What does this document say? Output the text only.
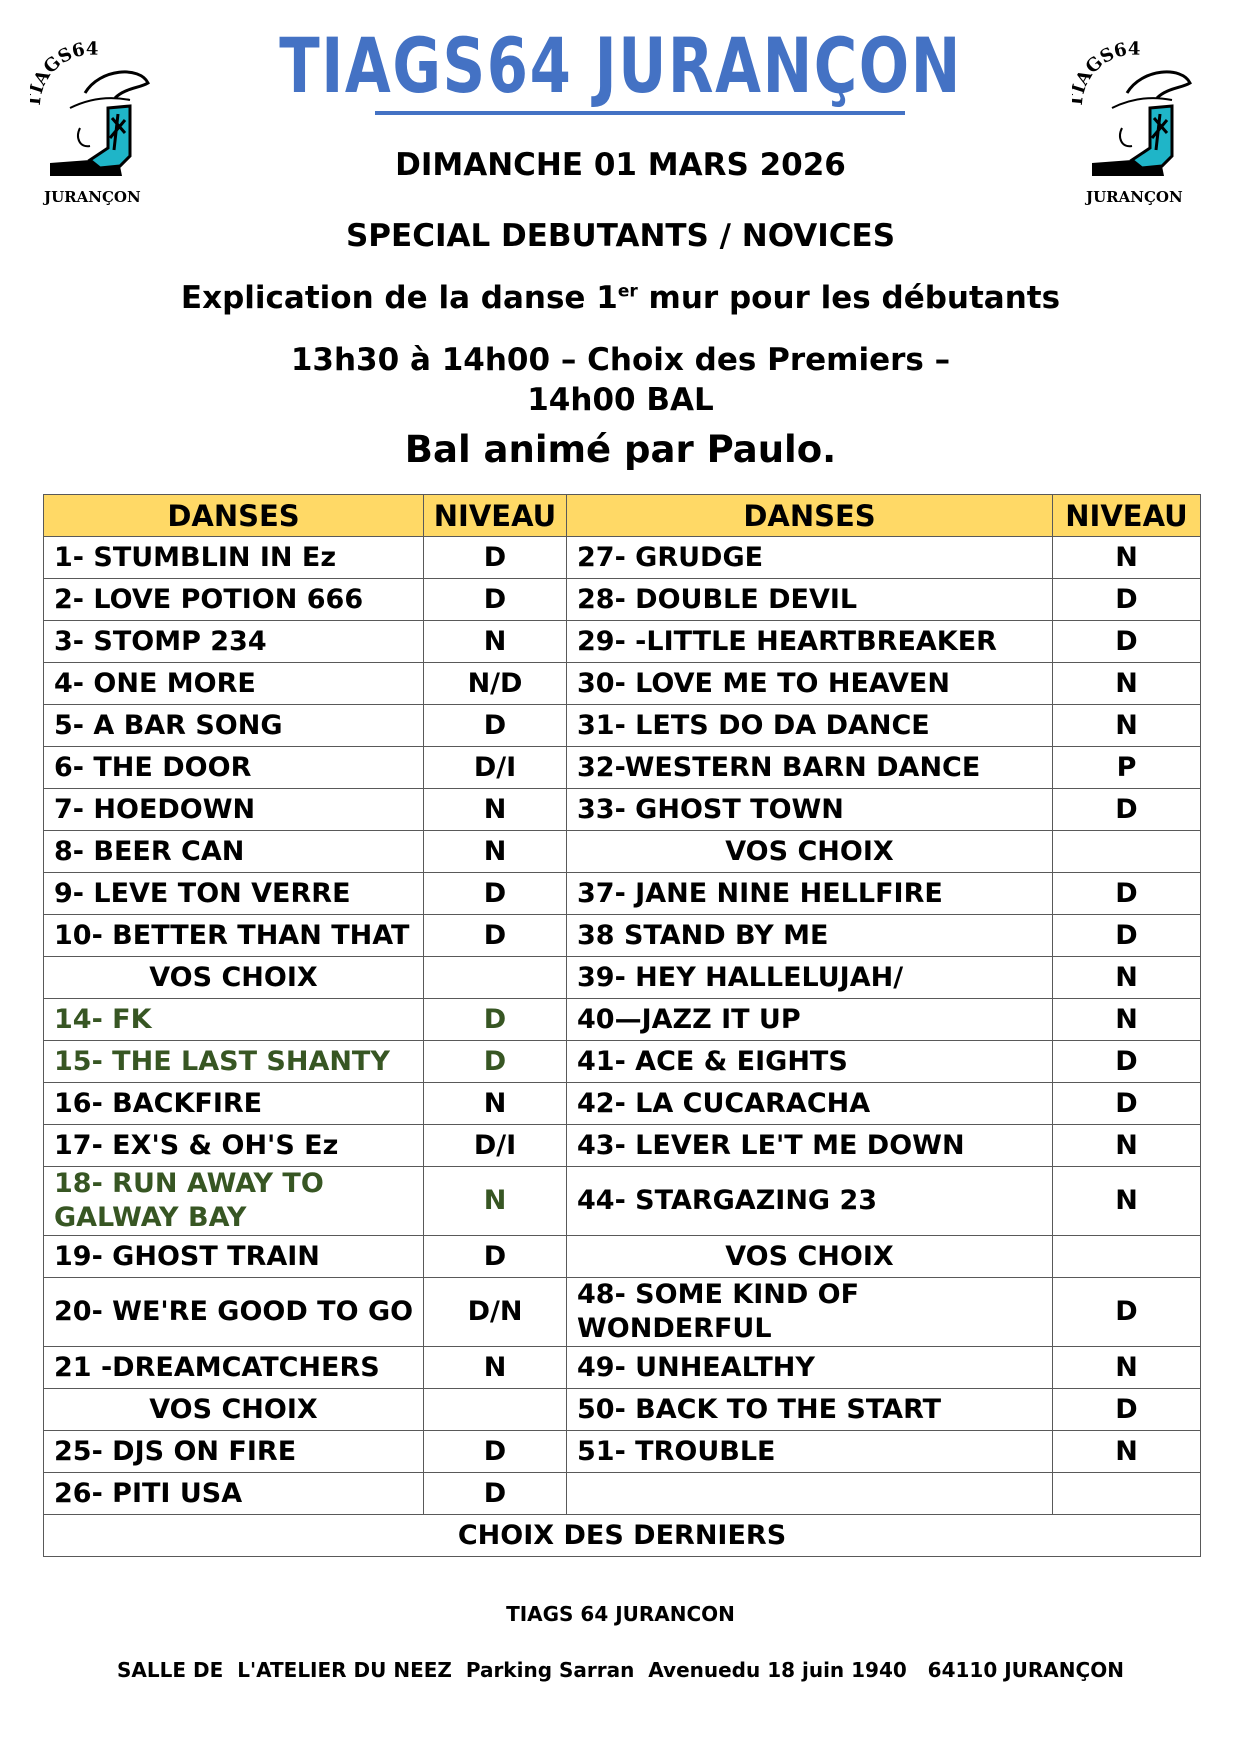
AGS64
JURANÇON
AGS64
JURANÇON
TIAGS64 JURANÇON
DIMANCHE 01 MARS 2026
SPECIAL DEBUTANTS / NOVICES
Explication de la danse 1er mur pour les débutants
13h30 à 14h00 – Choix des Premiers –
14h00 BAL
Bal animé par Paulo.
DANSES	NIVEAU	DANSES	NIVEAU
1- STUMBLIN IN Ez	D	27- GRUDGE	N
2- LOVE POTION 666	D	28- DOUBLE DEVIL	D
3- STOMP 234	N	29- -LITTLE HEARTBREAKER	D
4- ONE MORE	N/D	30- LOVE ME TO HEAVEN	N
5- A BAR SONG	D	31- LETS DO DA DANCE	N
6- THE DOOR	D/I	32-WESTERN BARN DANCE	P
7- HOEDOWN	N	33- GHOST TOWN	D
8- BEER CAN	N	VOS CHOIX	
9- LEVE TON VERRE	D	37- JANE NINE HELLFIRE	D
10- BETTER THAN THAT	D	38 STAND BY ME	D
VOS CHOIX		39- HEY HALLELUJAH/	N
14- FK	D	40—JAZZ IT UP	N
15- THE LAST SHANTY	D	41- ACE & EIGHTS	D
16- BACKFIRE	N	42- LA CUCARACHA	D
17- EX'S & OH'S Ez	D/I	43- LEVER LE'T ME DOWN	N
18- RUN AWAY TO GALWAY BAY	N	44- STARGAZING 23	N
19- GHOST TRAIN	D	VOS CHOIX	
20- WE'RE GOOD TO GO	D/N	48- SOME KIND OF WONDERFUL	D
21 -DREAMCATCHERS	N	49- UNHEALTHY	N
VOS CHOIX		50- BACK TO THE START	D
25- DJS ON FIRE	D	51- TROUBLE	N
26- PITI USA	D		
CHOIX DES DERNIERS			
TIAGS 64 JURANCON
SALLE DE  L'ATELIER DU NEEZ  Parking Sarran  Avenuedu 18 juin 1940   64110 JURANÇON
